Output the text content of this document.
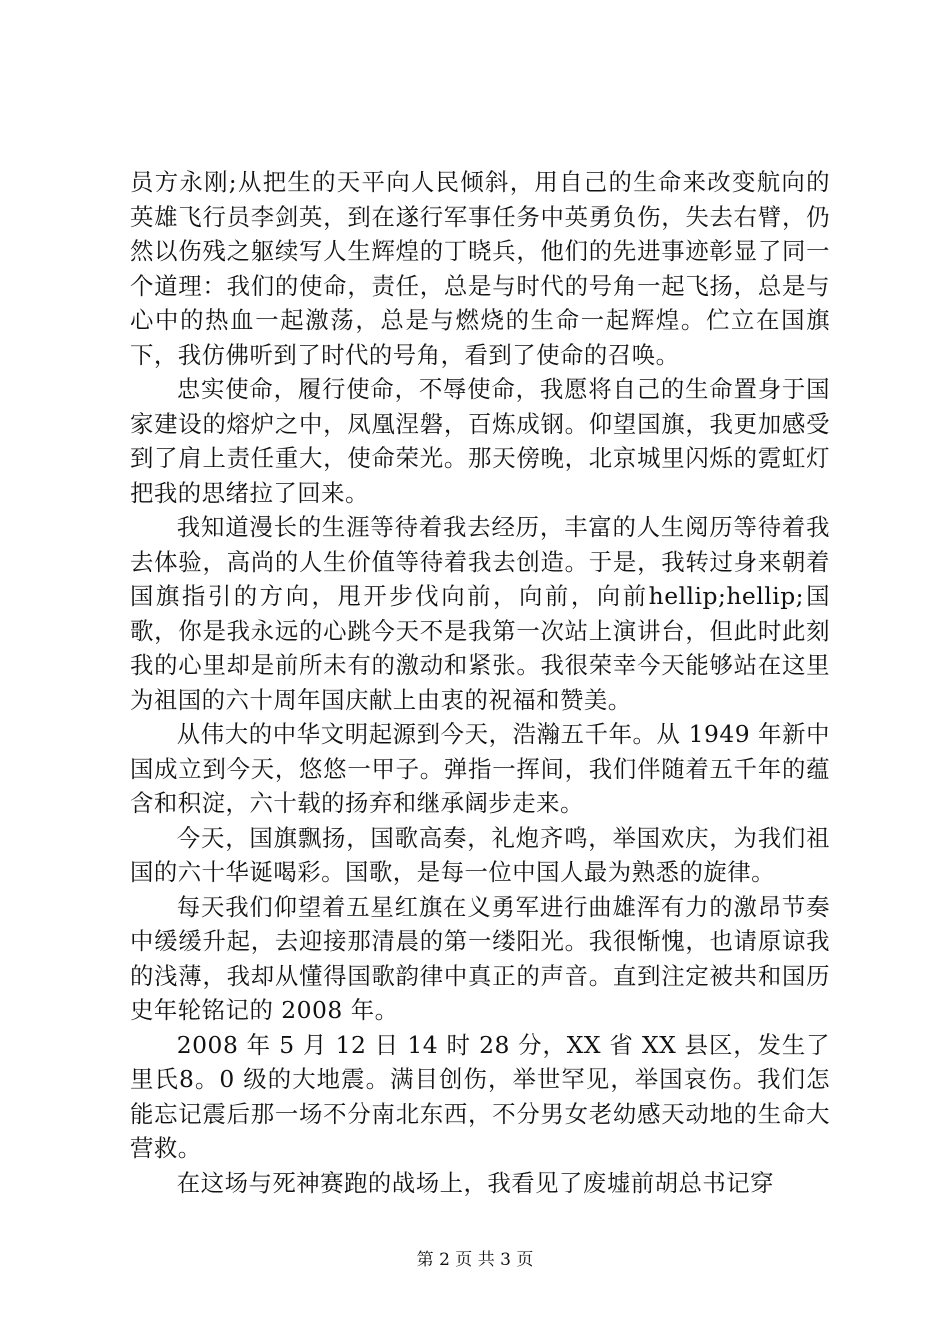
员方永刚;从把生的天平向人民倾斜，用自己的生命来改变航向的英雄飞行员李剑英，到在遂行军事任务中英勇负伤，失去右臂，仍然以伤残之躯续写人生辉煌的丁晓兵，他们的先进事迹彰显了同一个道理：我们的使命，责任，总是与时代的号角一起飞扬，总是与心中的热血一起激荡，总是与燃烧的生命一起辉煌。伫立在国旗下，我仿佛听到了时代的号角，看到了使命的召唤。

忠实使命，履行使命，不辱使命，我愿将自己的生命置身于国家建设的熔炉之中，凤凰涅磐，百炼成钢。仰望国旗，我更加感受到了肩上责任重大，使命荣光。那天傍晚，北京城里闪烁的霓虹灯把我的思绪拉了回来。

我知道漫长的生涯等待着我去经历，丰富的人生阅历等待着我去体验，高尚的人生价值等待着我去创造。于是，我转过身来朝着国旗指引的方向，甩开步伐向前，向前，向前hellip;hellip;国歌，你是我永远的心跳今天不是我第一次站上演讲台，但此时此刻我的心里却是前所未有的激动和紧张。我很荣幸今天能够站在这里为祖国的六十周年国庆献上由衷的祝福和赞美。

从伟大的中华文明起源到今天，浩瀚五千年。从 1949 年新中国成立到今天，悠悠一甲子。弹指一挥间，我们伴随着五千年的蕴含和积淀，六十载的扬弃和继承阔步走来。

今天，国旗飘扬，国歌高奏，礼炮齐鸣，举国欢庆，为我们祖国的六十华诞喝彩。国歌，是每一位中国人最为熟悉的旋律。

每天我们仰望着五星红旗在义勇军进行曲雄浑有力的激昂节奏中缓缓升起，去迎接那清晨的第一缕阳光。我很惭愧，也请原谅我的浅薄，我却从懂得国歌韵律中真正的声音。直到注定被共和国历史年轮铭记的 2008 年。

2008 年 5 月 12 日 14 时 28 分，XX 省 XX 县区，发生了里氏8。0 级的大地震。满目创伤，举世罕见，举国哀伤。我们怎能忘记震后那一场不分南北东西，不分男女老幼感天动地的生命大营救。

在这场与死神赛跑的战场上，我看见了废墟前胡总书记穿

第 2 页 共 3 页
